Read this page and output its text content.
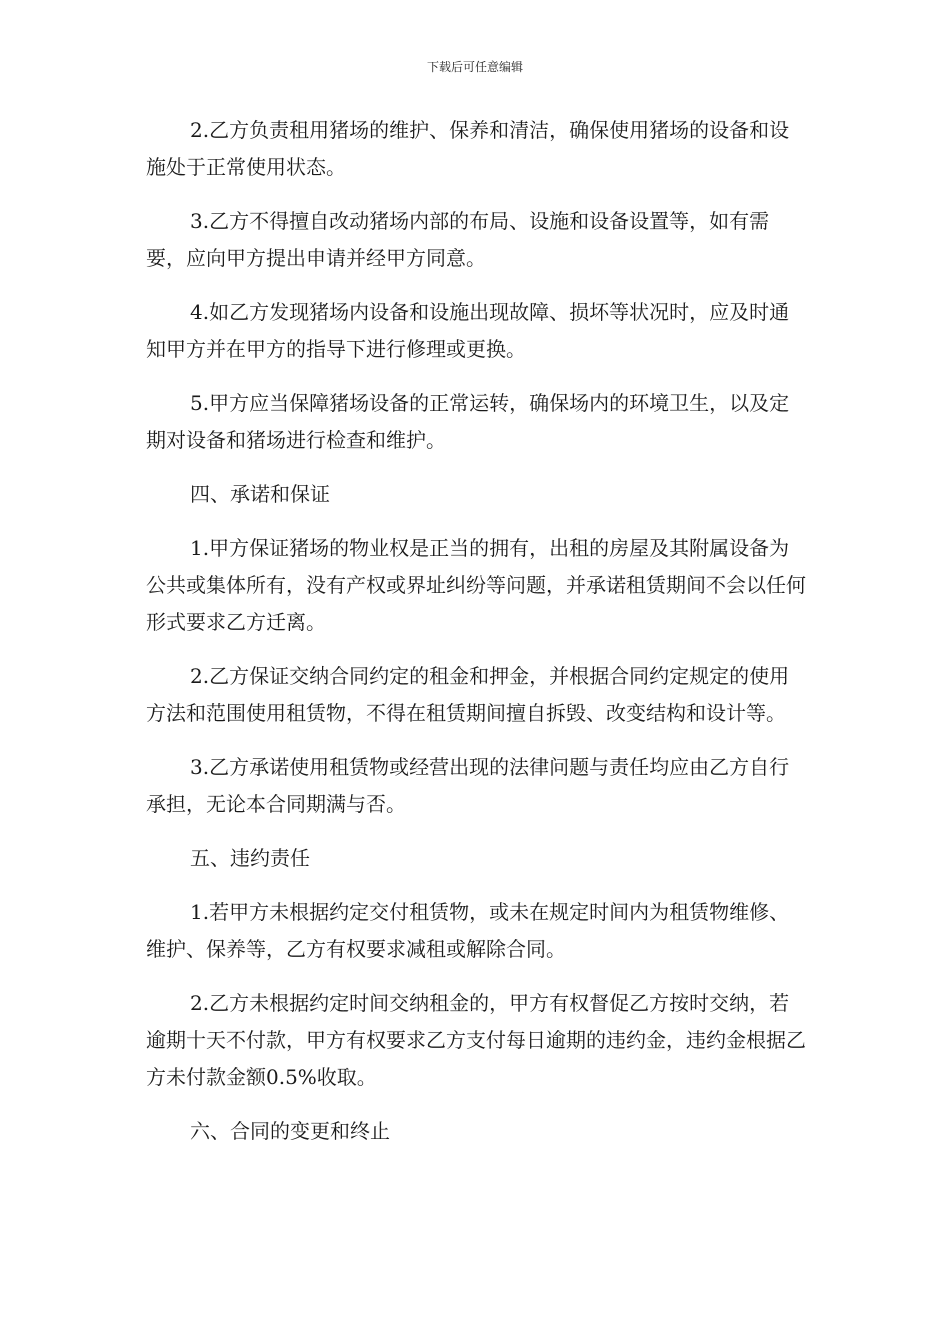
下载后可任意编辑

2.乙方负责租用猪场的维护、保养和清洁，确保使用猪场的设备和设施处于正常使用状态。

3.乙方不得擅自改动猪场内部的布局、设施和设备设置等，如有需要，应向甲方提出申请并经甲方同意。

4.如乙方发现猪场内设备和设施出现故障、损坏等状况时，应及时通知甲方并在甲方的指导下进行修理或更换。

5.甲方应当保障猪场设备的正常运转，确保场内的环境卫生，以及定期对设备和猪场进行检查和维护。

四、承诺和保证

1.甲方保证猪场的物业权是正当的拥有，出租的房屋及其附属设备为公共或集体所有，没有产权或界址纠纷等问题，并承诺租赁期间不会以任何形式要求乙方迁离。

2.乙方保证交纳合同约定的租金和押金，并根据合同约定规定的使用方法和范围使用租赁物，不得在租赁期间擅自拆毁、改变结构和设计等。

3.乙方承诺使用租赁物或经营出现的法律问题与责任均应由乙方自行承担，无论本合同期满与否。

五、违约责任

1.若甲方未根据约定交付租赁物，或未在规定时间内为租赁物维修、维护、保养等，乙方有权要求减租或解除合同。

2.乙方未根据约定时间交纳租金的，甲方有权督促乙方按时交纳，若逾期十天不付款，甲方有权要求乙方支付每日逾期的违约金，违约金根据乙方未付款金额0.5%收取。

六、合同的变更和终止
